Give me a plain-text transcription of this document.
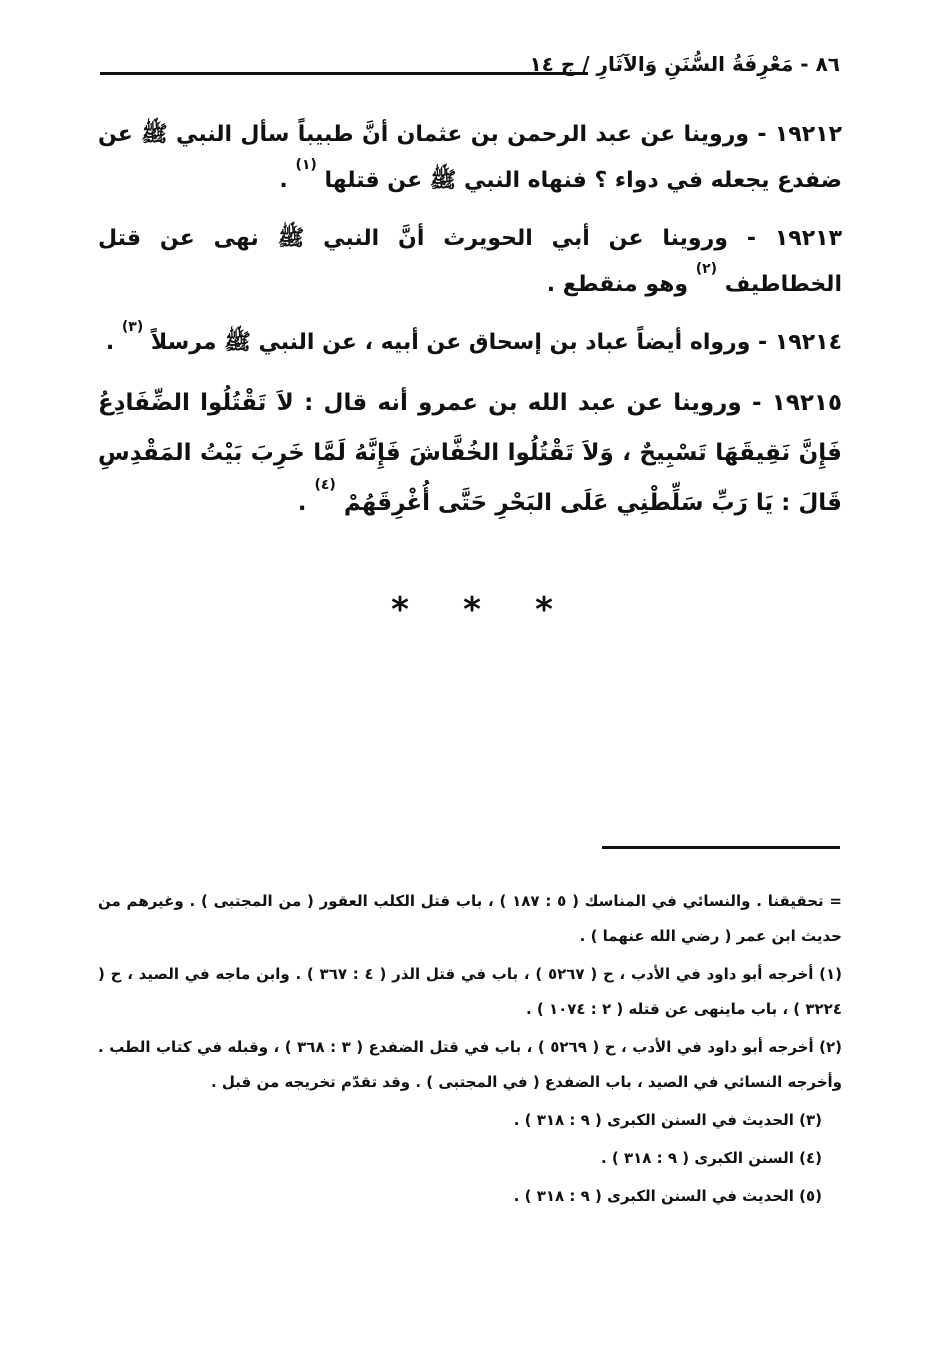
٨٦ - مَعْرِفَةُ السُّنَنِ وَالآثَارِ / ج ١٤

١٩٢١٢ - وروينا عن عبد الرحمن بن عثمان أنَّ طبيباً سأل النبي ﷺ عن ضفدع يجعله في دواء ؟ فنهاه النبي ﷺ عن قتلها $^{(١)}$ .

١٩٢١٣ - وروينا عن أبي الحويرث أنَّ النبي ﷺ نهى عن قتل الخطاطيف $^{(٢)}$ وهو منقطع .

١٩٢١٤ - ورواه أيضاً عباد بن إسحاق عن أبيه ، عن النبي ﷺ مرسلاً $^{(٣)}$ .

١٩٢١٥ - وروينا عن عبد الله بن عمرو أنه قال : لاَ تَقْتُلُوا الضِّفَادِعُ فَإِنَّ نَقِيقَهَا تَسْبِيحٌ ، وَلاَ تَقْتُلُوا الخُفَّاشَ فَإِنَّهُ لَمَّا خَرِبَ بَيْتُ المَقْدِسِ قَالَ : يَا رَبِّ سَلِّطْنِي عَلَى البَحْرِ حَتَّى أُغْرِقَهُمْ $^{(٤)}$ .

* * *

= تحقيقنا . والنسائي في المناسك ( ٥ : ١٨٧ ) ، باب قتل الكلب العقور ( من المجتبى ) . وغيرهم من حديث ابن عمر ( رضي الله عنهما ) .

(١) أخرجه أبو داود في الأدب ، ح ( ٥٢٦٧ ) ، باب في قتل الذر ( ٤ : ٣٦٧ ) . وابن ماجه في الصيد ، ح ( ٣٢٢٤ ) ، باب ماينهى عن قتله ( ٢ : ١٠٧٤ ) .

(٢) أخرجه أبو داود في الأدب ، ح ( ٥٢٦٩ ) ، باب في قتل الضفدع ( ٣ : ٣٦٨ ) ، وقبله في كتاب الطب . وأخرجه النسائي في الصيد ، باب الضفدع ( في المجتبى ) . وقد تقدّم تخريجه من قبل .

(٣) الحديث في السنن الكبرى ( ٩ : ٣١٨ ) .

(٤) السنن الكبرى ( ٩ : ٣١٨ ) .

(٥) الحديث في السنن الكبرى ( ٩ : ٣١٨ ) .
